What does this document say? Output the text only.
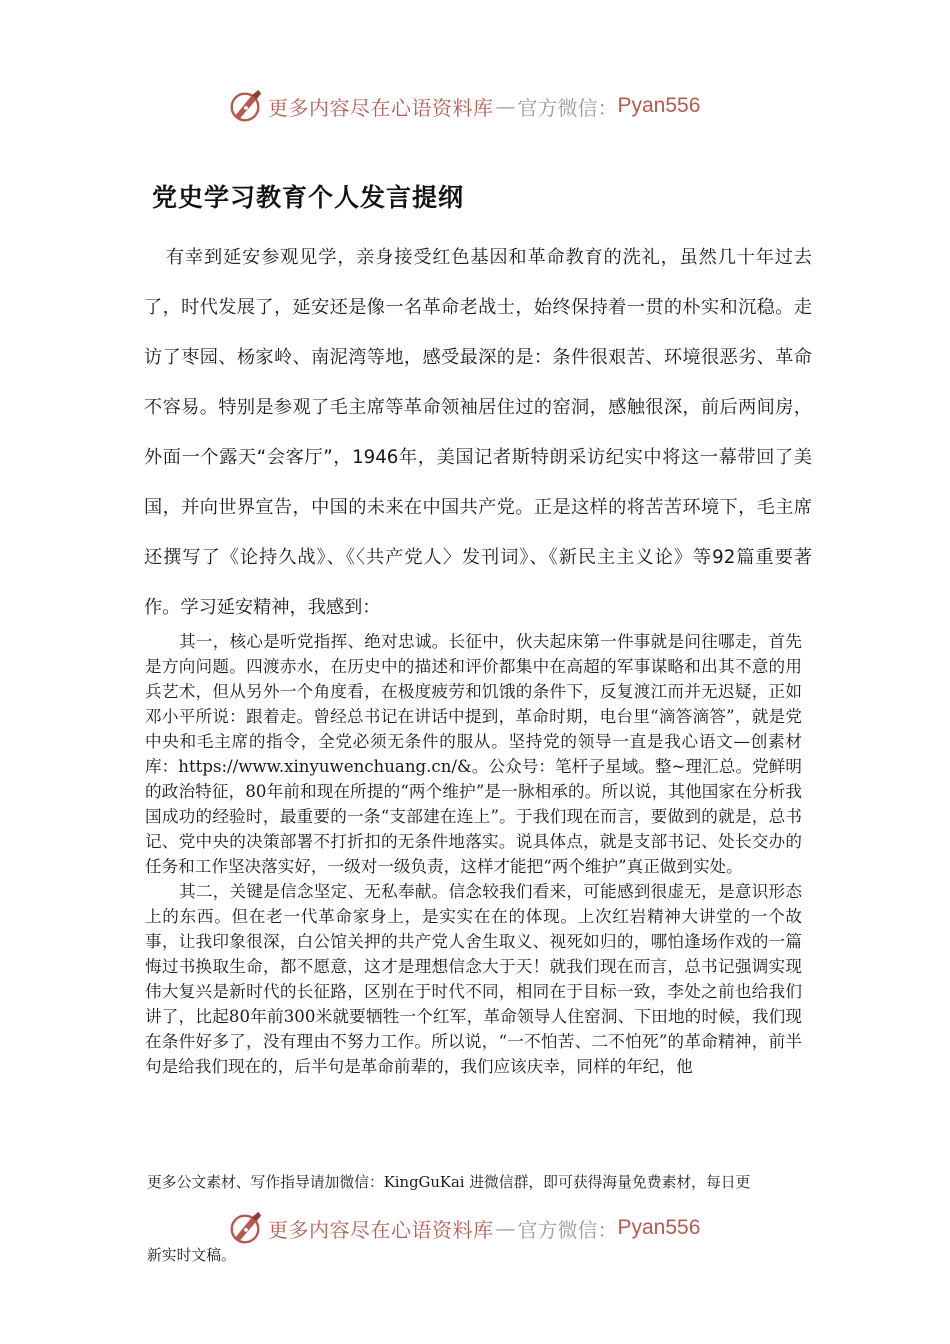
更多内容尽在心语资料库 — 官方微信： Pyan556
党史学习教育个人发言提纲

有幸到延安参观见学，亲身接受红色基因和革命教育的洗礼，虽然几十年过去了，时代发展了，延安还是像一名革命老战士，始终保持着一贯的朴实和沉稳。走访了枣园、杨家岭、南泥湾等地，感受最深的是：条件很艰苦、环境很恶劣、革命不容易。特别是参观了毛主席等革命领袖居住过的窑洞，感触很深，前后两间房，外面一个露天“会客厅”，1946年，美国记者斯特朗采访纪实中将这一幕带回了美国，并向世界宣告，中国的未来在中国共产党。正是这样的将苦苦环境下，毛主席还撰写了《论持久战》、《〈共产党人〉发刊词》、《新民主主义论》等92篇重要著作。学习延安精神，我感到：

其一，核心是听党指挥、绝对忠诚。长征中，伙夫起床第一件事就是问往哪走，首先是方向问题。四渡赤水，在历史中的描述和评价都集中在高超的军事谋略和出其不意的用兵艺术，但从另外一个角度看，在极度疲劳和饥饿的条件下，反复渡江而并无迟疑，正如邓小平所说：跟着走。曾经总书记在讲话中提到，革命时期，电台里“滴答滴答”，就是党中央和毛主席的指令，全党必须无条件的服从。坚持党的领导一直是我心语文—创素材库：https://www.xinyuwenchuang.cn/&。公众号：笔杆子星域。整~理汇总。党鲜明的政治特征，80年前和现在所提的“两个维护”是一脉相承的。所以说，其他国家在分析我国成功的经验时，最重要的一条“支部建在连上”。于我们现在而言，要做到的就是，总书记、党中央的决策部署不打折扣的无条件地落实。说具体点，就是支部书记、处长交办的任务和工作坚决落实好，一级对一级负责，这样才能把“两个维护”真正做到实处。

其二，关键是信念坚定、无私奉献。信念较我们看来，可能感到很虚无，是意识形态上的东西。但在老一代革命家身上，是实实在在的体现。上次红岩精神大讲堂的一个故事，让我印象很深，白公馆关押的共产党人舍生取义、视死如归的，哪怕逢场作戏的一篇悔过书换取生命，都不愿意，这才是理想信念大于天！就我们现在而言，总书记强调实现伟大复兴是新时代的长征路，区别在于时代不同，相同在于目标一致，李处之前也给我们讲了，比起80年前300米就要牺牲一个红军，革命领导人住窑洞、下田地的时候，我们现在条件好多了，没有理由不努力工作。所以说，“一不怕苦、二不怕死”的革命精神，前半句是给我们现在的，后半句是革命前辈的，我们应该庆幸，同样的年纪，他

更多公文素材、写作指导请加微信：KingGuKai 进微信群，即可获得海量免费素材，每日更

更多内容尽在心语资料库 — 官方微信： Pyan556

新实时文稿。
